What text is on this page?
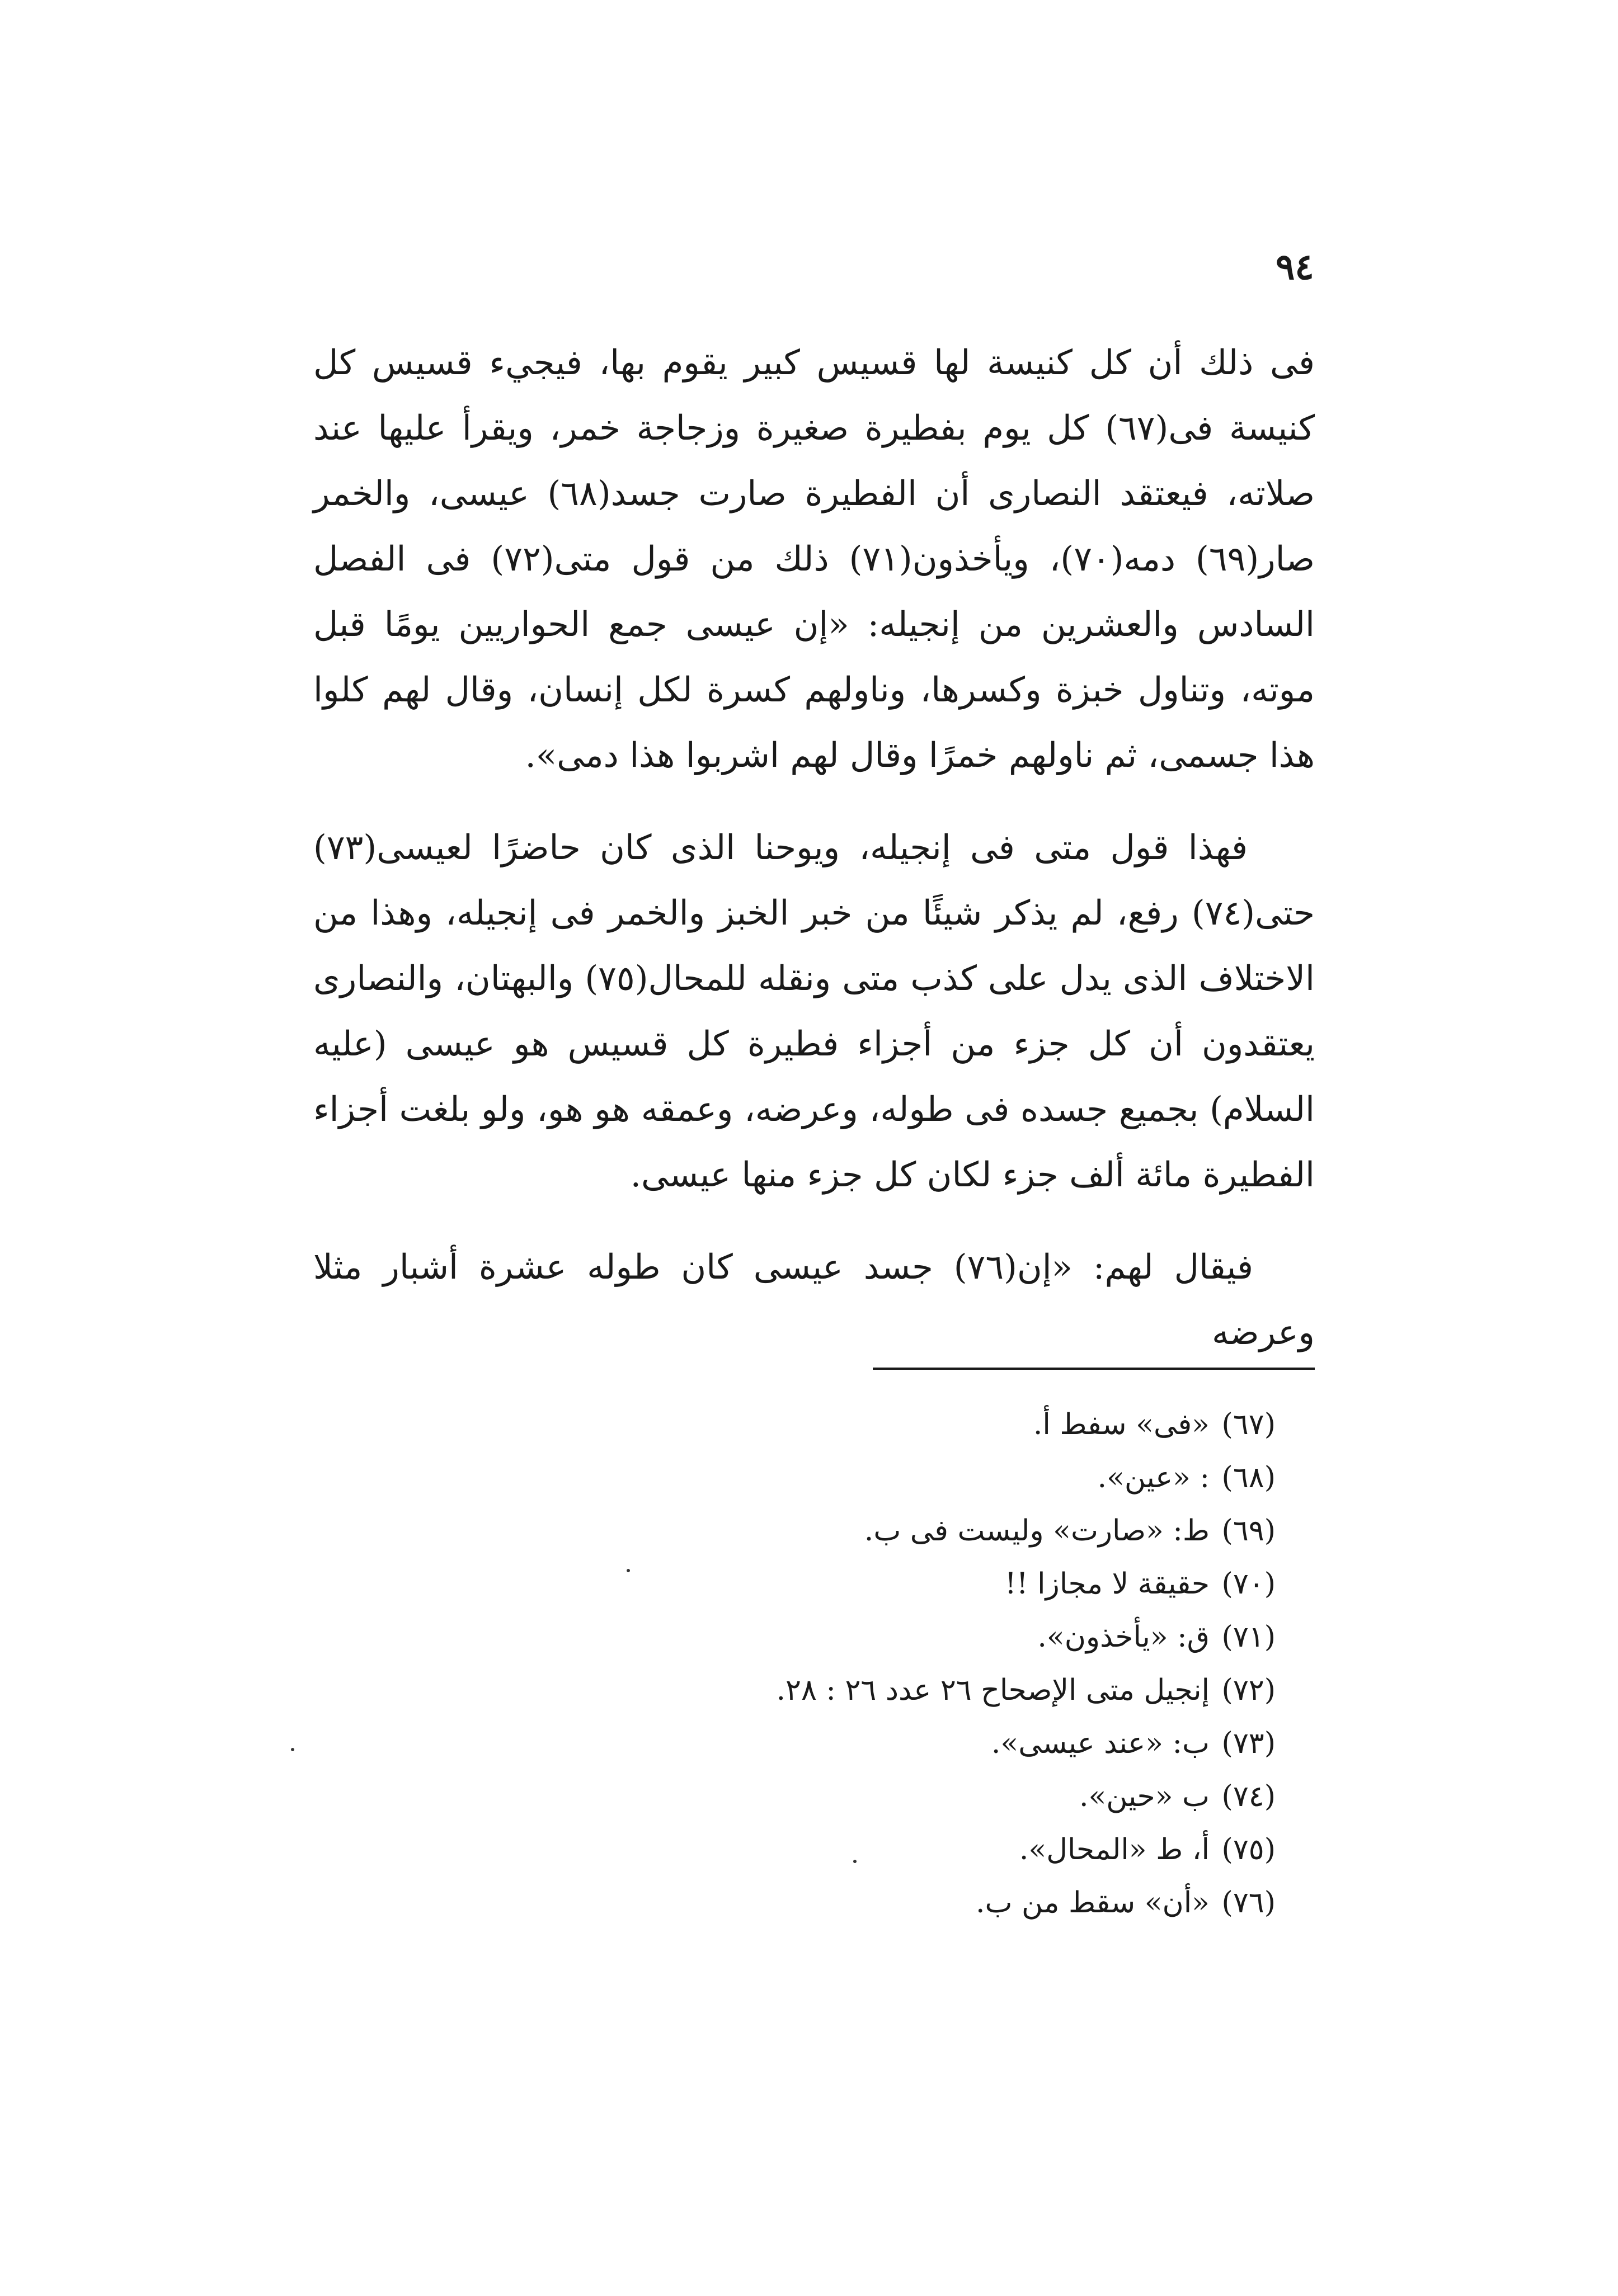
٩٤

فى ذلك أن كل كنيسة لها قسيس كبير يقوم بها، فيجيء قسيس كل كنيسة فى(٦٧) كل يوم بفطيرة صغيرة وزجاجة خمر، ويقرأ عليها عند صلاته، فيعتقد النصارى أن الفطيرة صارت جسد(٦٨) عيسى، والخمر صار(٦٩) دمه(٧٠)، ويأخذون(٧١) ذلك من قول متى(٧٢) فى الفصل السادس والعشرين من إنجيله: «إن عيسى جمع الحواريين يومًا قبل موته، وتناول خبزة وكسرها، وناولهم كسرة لكل إنسان، وقال لهم كلوا هذا جسمى، ثم ناولهم خمرًا وقال لهم اشربوا هذا دمى».

فهذا قول متى فى إنجيله، ويوحنا الذى كان حاضرًا لعيسى(٧٣) حتى(٧٤) رفع، لم يذكر شيئًا من خبر الخبز والخمر فى إنجيله، وهذا من الاختلاف الذى يدل على كذب متى ونقله للمحال(٧٥) والبهتان، والنصارى يعتقدون أن كل جزء من أجزاء فطيرة كل قسيس هو عيسى (عليه السلام) بجميع جسده فى طوله، وعرضه، وعمقه هو هو، ولو بلغت أجزاء الفطيرة مائة ألف جزء لكان كل جزء منها عيسى.

فيقال لهم: «إن(٧٦) جسد عيسى كان طوله عشرة أشبار مثلا وعرضه

(٦٧)«فى» سفط أ.
(٦٨): «عين».
(٦٩)ط: «صارت» وليست فى ب.
(٧٠)حقيقة لا مجازا !!
(٧١)ق: «يأخذون».
(٧٢)إنجيل متى الإصحاح ٢٦ عدد ٢٦ : ٢٨.
(٧٣)ب: «عند عيسى».
(٧٤)ب «حين».
(٧٥)أ، ط «المحال».
(٧٦)«أن» سقط من ب.
